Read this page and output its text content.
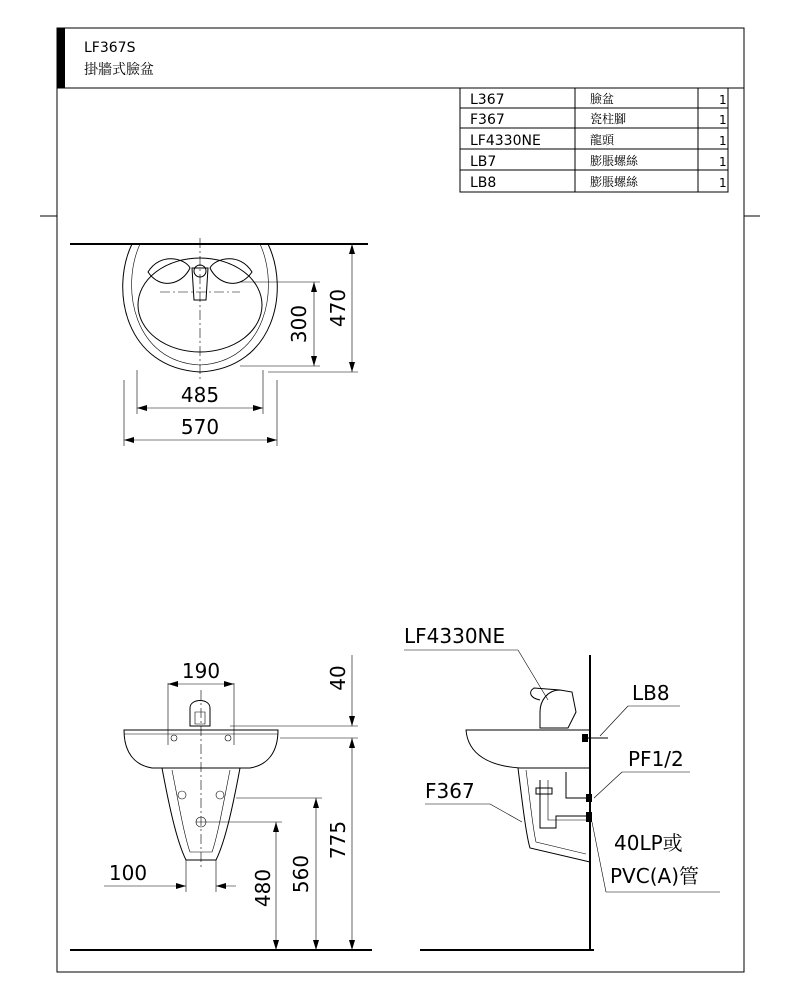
LF367S
掛牆式臉盆
L367	臉盆	1
F367	瓷柱腳	1
LF4330NE	龍頭	1
LB7	膨脹螺絲	1
LB8	膨脹螺絲	1
485
570
300 470
190
100	480 560
40
775
LF4330NE
LB8
PF1/2
F367
40LP或
PVC(A)管
